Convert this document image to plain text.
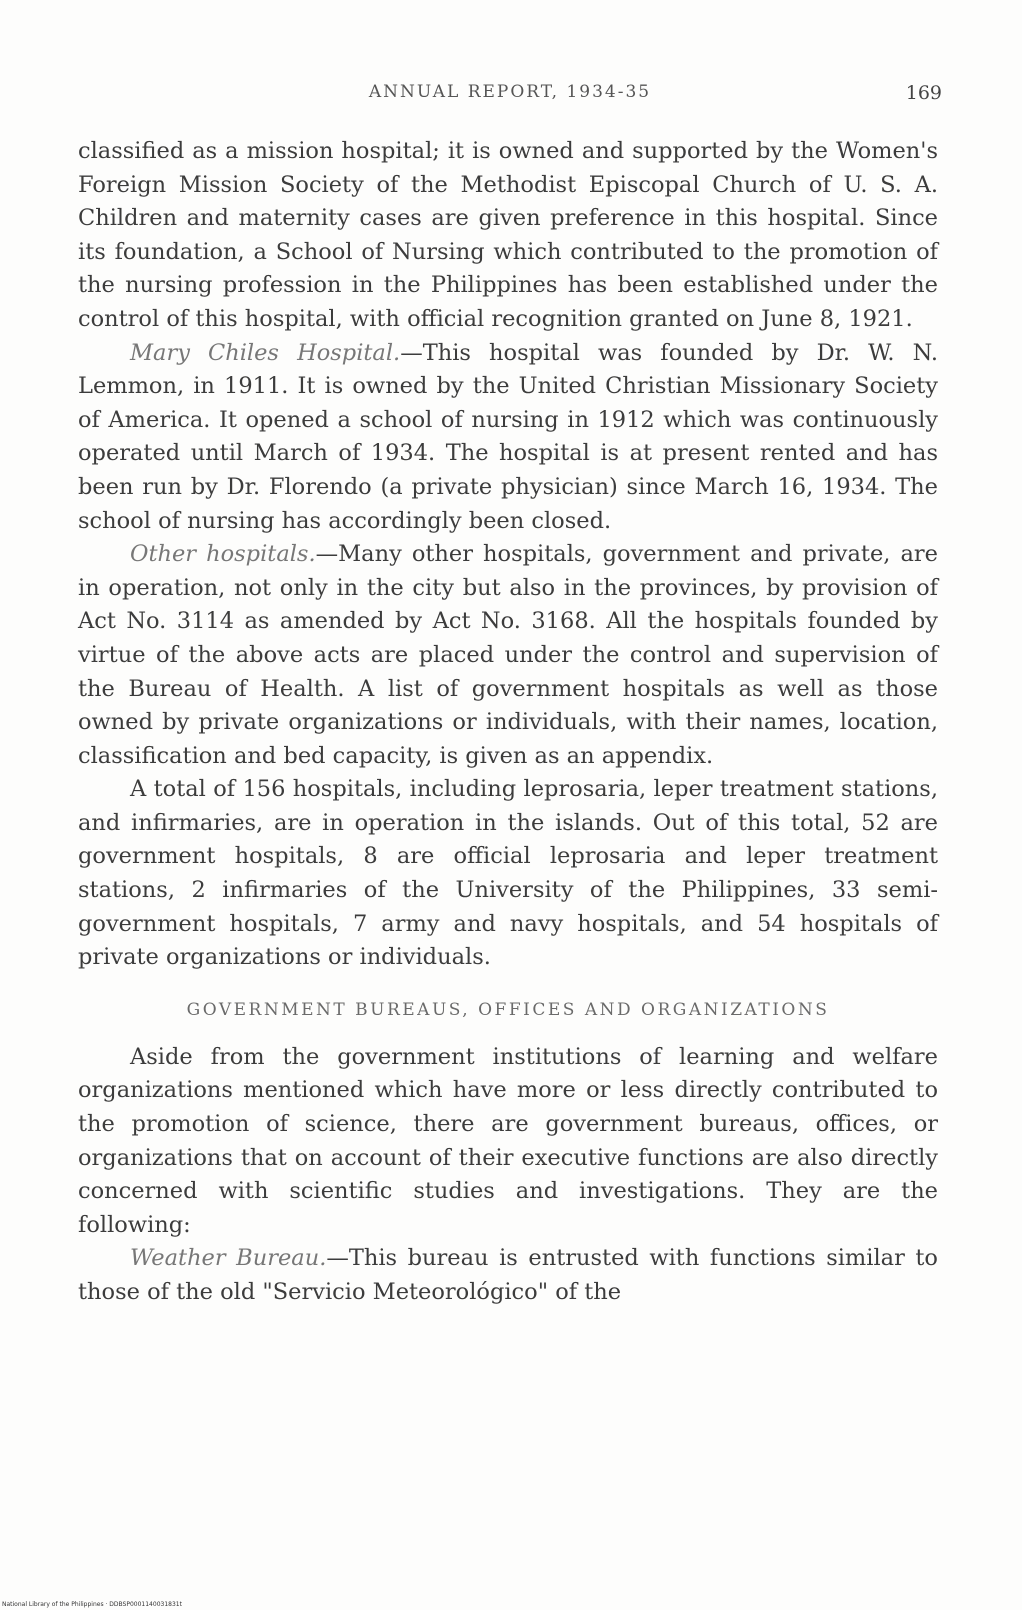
ANNUAL REPORT, 1934-35	169

classified as a mission hospital; it is owned and supported by the Women's Foreign Mission Society of the Methodist Episcopal Church of U. S. A. Children and maternity cases are given preference in this hospital. Since its foundation, a School of Nursing which contributed to the promotion of the nursing profession in the Philippines has been established under the control of this hospital, with official recognition granted on June 8, 1921.

Mary Chiles Hospital.—This hospital was founded by Dr. W. N. Lemmon, in 1911. It is owned by the United Christian Missionary Society of America. It opened a school of nursing in 1912 which was continuously operated until March of 1934. The hospital is at present rented and has been run by Dr. Florendo (a private physician) since March 16, 1934. The school of nursing has accordingly been closed.

Other hospitals.—Many other hospitals, government and private, are in operation, not only in the city but also in the provinces, by provision of Act No. 3114 as amended by Act No. 3168. All the hospitals founded by virtue of the above acts are placed under the control and supervision of the Bureau of Health. A list of government hospitals as well as those owned by private organizations or individuals, with their names, location, classification and bed capacity, is given as an appendix.

A total of 156 hospitals, including leprosaria, leper treatment stations, and infirmaries, are in operation in the islands. Out of this total, 52 are government hospitals, 8 are official leprosaria and leper treatment stations, 2 infirmaries of the University of the Philippines, 33 semi-government hospitals, 7 army and navy hospitals, and 54 hospitals of private organizations or individuals.

GOVERNMENT BUREAUS, OFFICES AND ORGANIZATIONS

Aside from the government institutions of learning and welfare organizations mentioned which have more or less directly contributed to the promotion of science, there are government bureaus, offices, or organizations that on account of their executive functions are also directly concerned with scientific studies and investigations. They are the following:

Weather Bureau.—This bureau is entrusted with functions similar to those of the old "Servicio Meteorológico" of the

National Library of the Philippines · DDBSP0001140031831t
